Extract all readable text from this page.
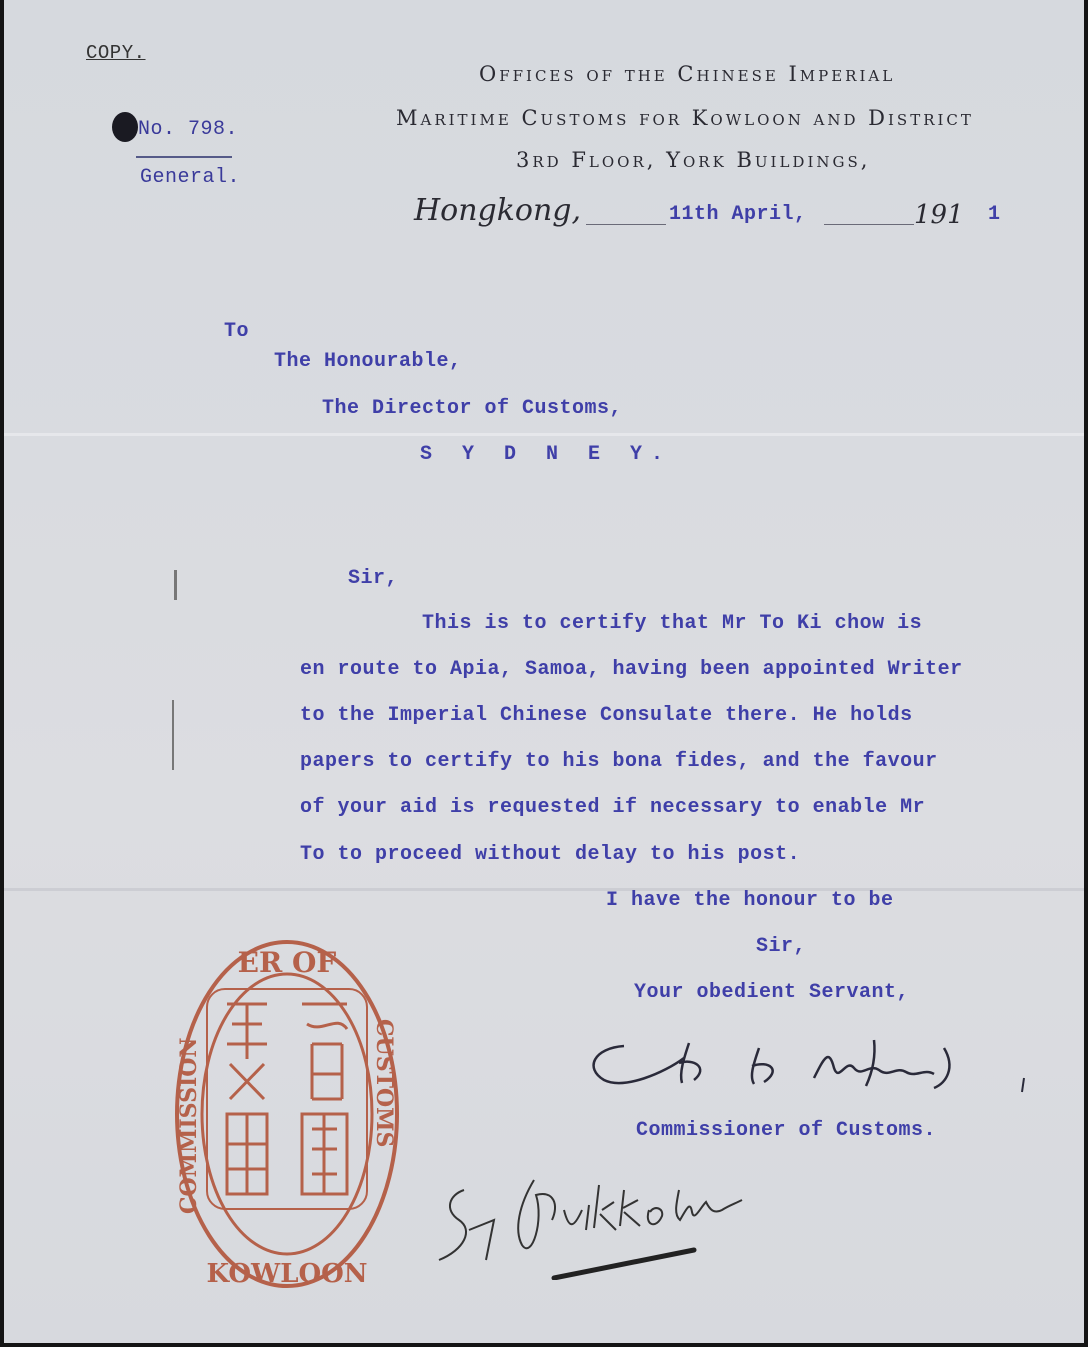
COPY.
No. 798.
General.
Offices of the Chinese Imperial
Maritime Customs for Kowloon and District
3rd Floor, York Buildings,
Hongkong,	11th April,	191 1
To
The Honourable,
The Director of Customs,
S Y D N E Y.
Sir,
This is to certify that Mr To Ki chow is
en route to Apia, Samoa, having been appointed Writer
to the Imperial Chinese Consulate there. He holds
papers to certify to his bona fides, and the favour
of your aid is requested if necessary to enable Mr
To to proceed without delay to his post.
I have the honour to be
Sir,
Your obedient Servant,
Commissioner of Customs.
ER OF
KOWLOON
COMMISSION	CUSTOMS
